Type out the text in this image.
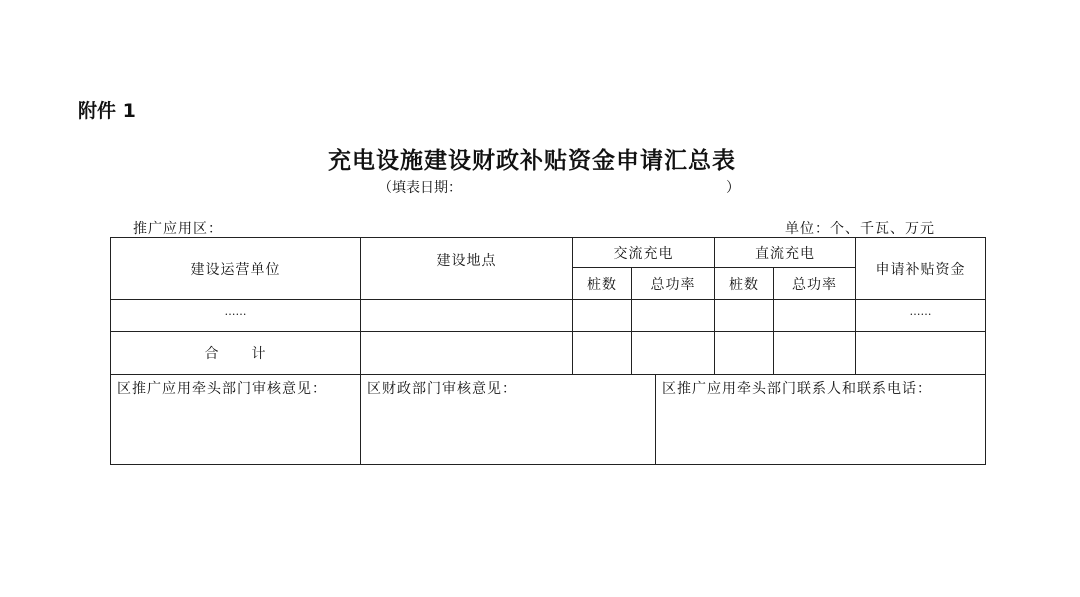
附件 1
充电设施建设财政补贴资金申请汇总表
（填表日期：	）
推广应用区：	单位：个、千瓦、万元
建设运营单位	建设地点	交流充电		直流充电		申请补贴资金
		桩数	总功率	桩数	总功率	
……						……
合 计						
区推广应用牵头部门审核意见：	区财政部门审核意见：	区推广应用牵头部门联系人和联系电话：
